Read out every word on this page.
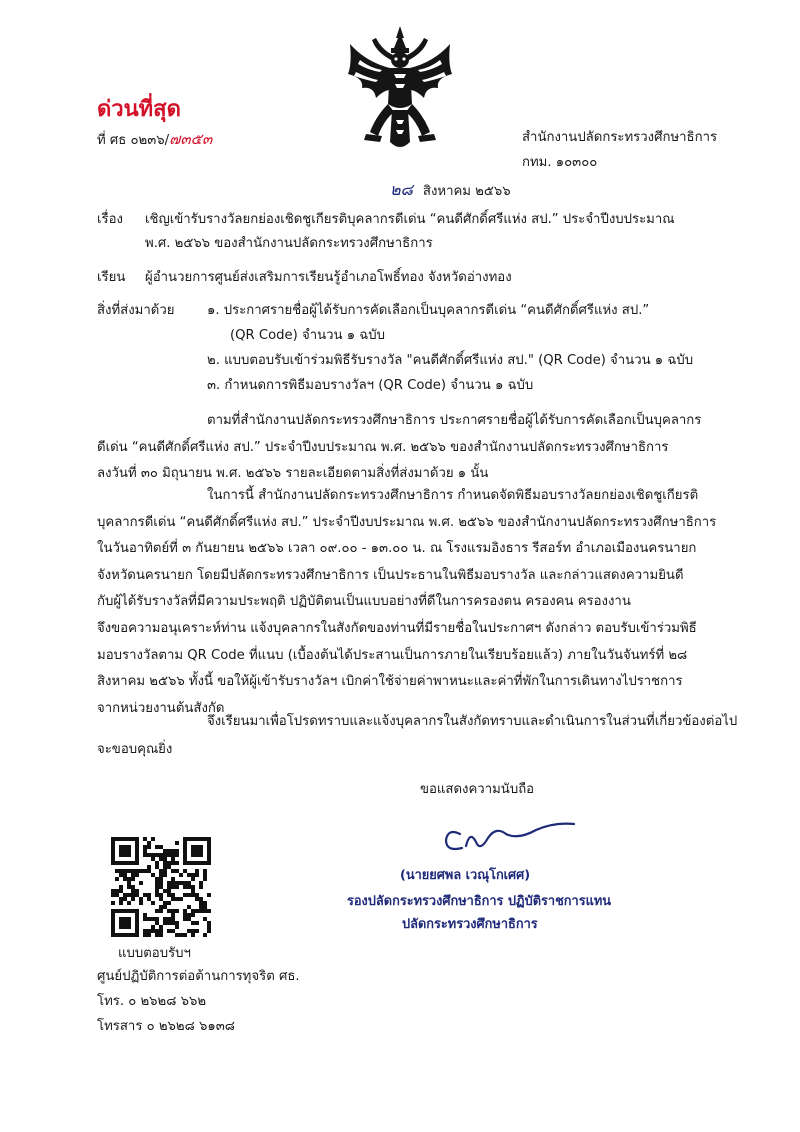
ด่วนที่สุด
ที่ ศธ ๐๒๓๖/๗๓๕๓	สำนักงานปลัดกระทรวงศึกษาธิการ
กทม. ๑๐๓๐๐
๒๘ สิงหาคม ๒๕๖๖
เรื่อง เชิญเข้ารับรางวัลยกย่องเชิดชูเกียรติบุคลากรดีเด่น “คนดีศักดิ์ศรีแห่ง สป.” ประจำปีงบประมาณ
พ.ศ. ๒๕๖๖ ของสำนักงานปลัดกระทรวงศึกษาธิการ
เรียน ผู้อำนวยการศูนย์ส่งเสริมการเรียนรู้อำเภอโพธิ์ทอง จังหวัดอ่างทอง
สิ่งที่ส่งมาด้วย ๑. ประกาศรายชื่อผู้ได้รับการคัดเลือกเป็นบุคลากรดีเด่น “คนดีศักดิ์ศรีแห่ง สป.”
(QR Code) จำนวน ๑ ฉบับ
๒. แบบตอบรับเข้าร่วมพิธีรับรางวัล "คนดีศักดิ์ศรีแห่ง สป." (QR Code) จำนวน ๑ ฉบับ
๓. กำหนดการพิธีมอบรางวัลฯ (QR Code) จำนวน ๑ ฉบับ
ตามที่สำนักงานปลัดกระทรวงศึกษาธิการ ประกาศรายชื่อผู้ได้รับการคัดเลือกเป็นบุคลากร
ดีเด่น “คนดีศักดิ์ศรีแห่ง สป.” ประจำปีงบประมาณ พ.ศ. ๒๕๖๖ ของสำนักงานปลัดกระทรวงศึกษาธิการ
ลงวันที่ ๓๐ มิถุนายน พ.ศ. ๒๕๖๖ รายละเอียดตามสิ่งที่ส่งมาด้วย ๑ นั้น
ในการนี้ สำนักงานปลัดกระทรวงศึกษาธิการ กำหนดจัดพิธีมอบรางวัลยกย่องเชิดชูเกียรติ
บุคลากรดีเด่น “คนดีศักดิ์ศรีแห่ง สป.” ประจำปีงบประมาณ พ.ศ. ๒๕๖๖ ของสำนักงานปลัดกระทรวงศึกษาธิการ
ในวันอาทิตย์ที่ ๓ กันยายน ๒๕๖๖ เวลา ๐๙.๐๐ - ๑๓.๐๐ น. ณ โรงแรมอิงธาร รีสอร์ท อำเภอเมืองนครนายก
จังหวัดนครนายก โดยมีปลัดกระทรวงศึกษาธิการ เป็นประธานในพิธีมอบรางวัล และกล่าวแสดงความยินดี
กับผู้ได้รับรางวัลที่มีความประพฤติ ปฏิบัติตนเป็นแบบอย่างที่ดีในการครองตน ครองคน ครองงาน
จึงขอความอนุเคราะห์ท่าน แจ้งบุคลากรในสังกัดของท่านที่มีรายชื่อในประกาศฯ ดังกล่าว ตอบรับเข้าร่วมพิธี
มอบรางวัลตาม QR Code ที่แนบ (เบื้องต้นได้ประสานเป็นการภายในเรียบร้อยแล้ว) ภายในวันจันทร์ที่ ๒๘
สิงหาคม ๒๕๖๖ ทั้งนี้ ขอให้ผู้เข้ารับรางวัลฯ เบิกค่าใช้จ่ายค่าพาหนะและค่าที่พักในการเดินทางไปราชการ
จากหน่วยงานต้นสังกัด
จึงเรียนมาเพื่อโปรดทราบและแจ้งบุคลากรในสังกัดทราบและดำเนินการในส่วนที่เกี่ยวข้องต่อไป
จะขอบคุณยิ่ง
ขอแสดงความนับถือ
(นายยศพล เวณุโกเศศ)
รองปลัดกระทรวงศึกษาธิการ ปฏิบัติราชการแทน
ปลัดกระทรวงศึกษาธิการ
แบบตอบรับฯ
ศูนย์ปฏิบัติการต่อต้านการทุจริต ศธ.
โทร. ๐ ๒๖๒๘ ๖๖๒
โทรสาร ๐ ๒๖๒๘ ๖๑๓๘
